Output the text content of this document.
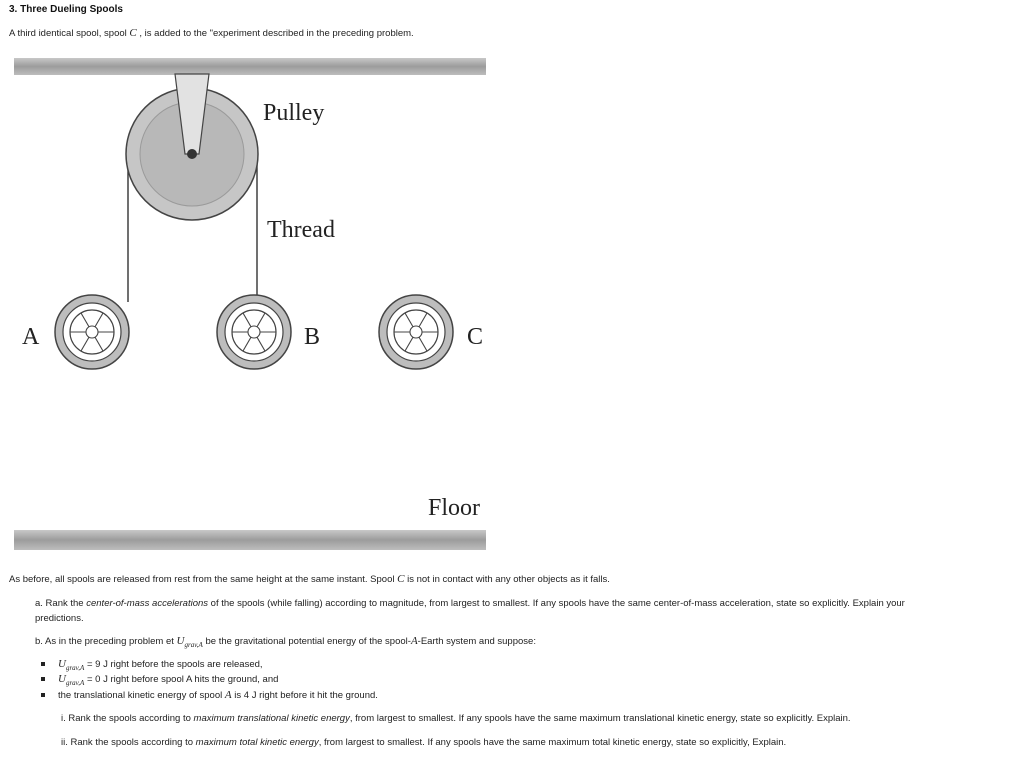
3. Three Dueling Spools
A third identical spool, spool C , is added to the "experiment described in the preceding problem.
Pulley
Thread
A	B	C
Floor
As before, all spools are released from rest from the same height at the same instant. Spool C is not in contact with any other objects as it falls.
a. Rank the center-of-mass accelerations of the spools (while falling) according to magnitude, from largest to smallest. If any spools have the same center-of-mass acceleration, state so explicitly. Explain your
predictions.
b. As in the preceding problem et $U_{grav,A}$ be the gravitational potential energy of the spool-A-Earth system and suppose:
$U_{grav,A} = 9$ J right before the spools are released,
$U_{grav,A} = 0$ J right before spool A hits the ground, and
the translational kinetic energy of spool A is 4 J right before it hit the ground.
i. Rank the spools according to maximum translational kinetic energy, from largest to smallest. If any spools have the same maximum translational kinetic energy, state so explicitly. Explain.
ii. Rank the spools according to maximum total kinetic energy, from largest to smallest. If any spools have the same maximum total kinetic energy, state so explicitly, Explain.
